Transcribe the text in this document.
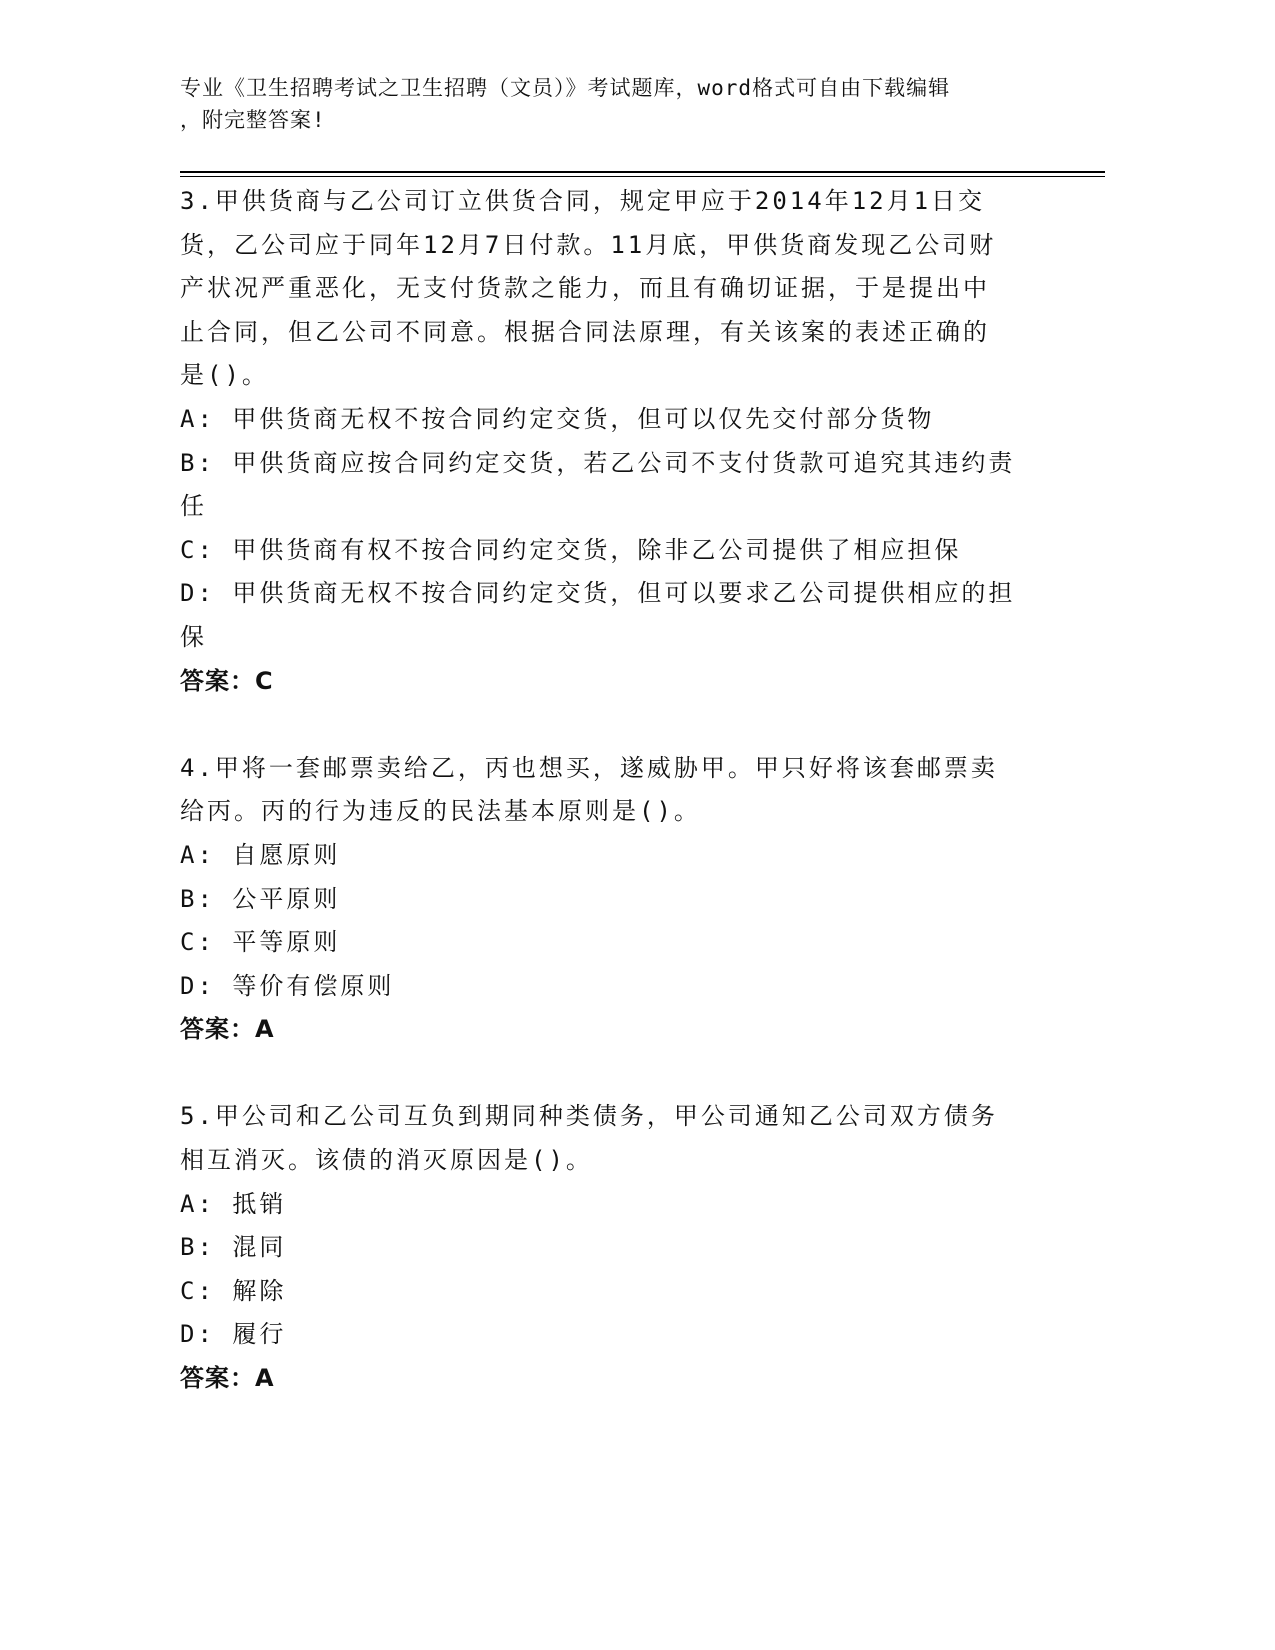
专业《卫生招聘考试之卫生招聘（文员）》考试题库，word格式可自由下载编辑
，附完整答案!
3.甲供货商与乙公司订立供货合同，规定甲应于2014年12月1日交
货，乙公司应于同年12月7日付款。11月底，甲供货商发现乙公司财
产状况严重恶化，无支付货款之能力，而且有确切证据，于是提出中
止合同，但乙公司不同意。根据合同法原理，有关该案的表述正确的
是()。
A: 甲供货商无权不按合同约定交货，但可以仅先交付部分货物
B: 甲供货商应按合同约定交货，若乙公司不支付货款可追究其违约责
任
C: 甲供货商有权不按合同约定交货，除非乙公司提供了相应担保
D: 甲供货商无权不按合同约定交货，但可以要求乙公司提供相应的担
保
答案：C
4.甲将一套邮票卖给乙，丙也想买，遂威胁甲。甲只好将该套邮票卖
给丙。丙的行为违反的民法基本原则是()。
A: 自愿原则
B: 公平原则
C: 平等原则
D: 等价有偿原则
答案：A
5.甲公司和乙公司互负到期同种类债务，甲公司通知乙公司双方债务
相互消灭。该债的消灭原因是()。
A: 抵销
B: 混同
C: 解除
D: 履行
答案：A
